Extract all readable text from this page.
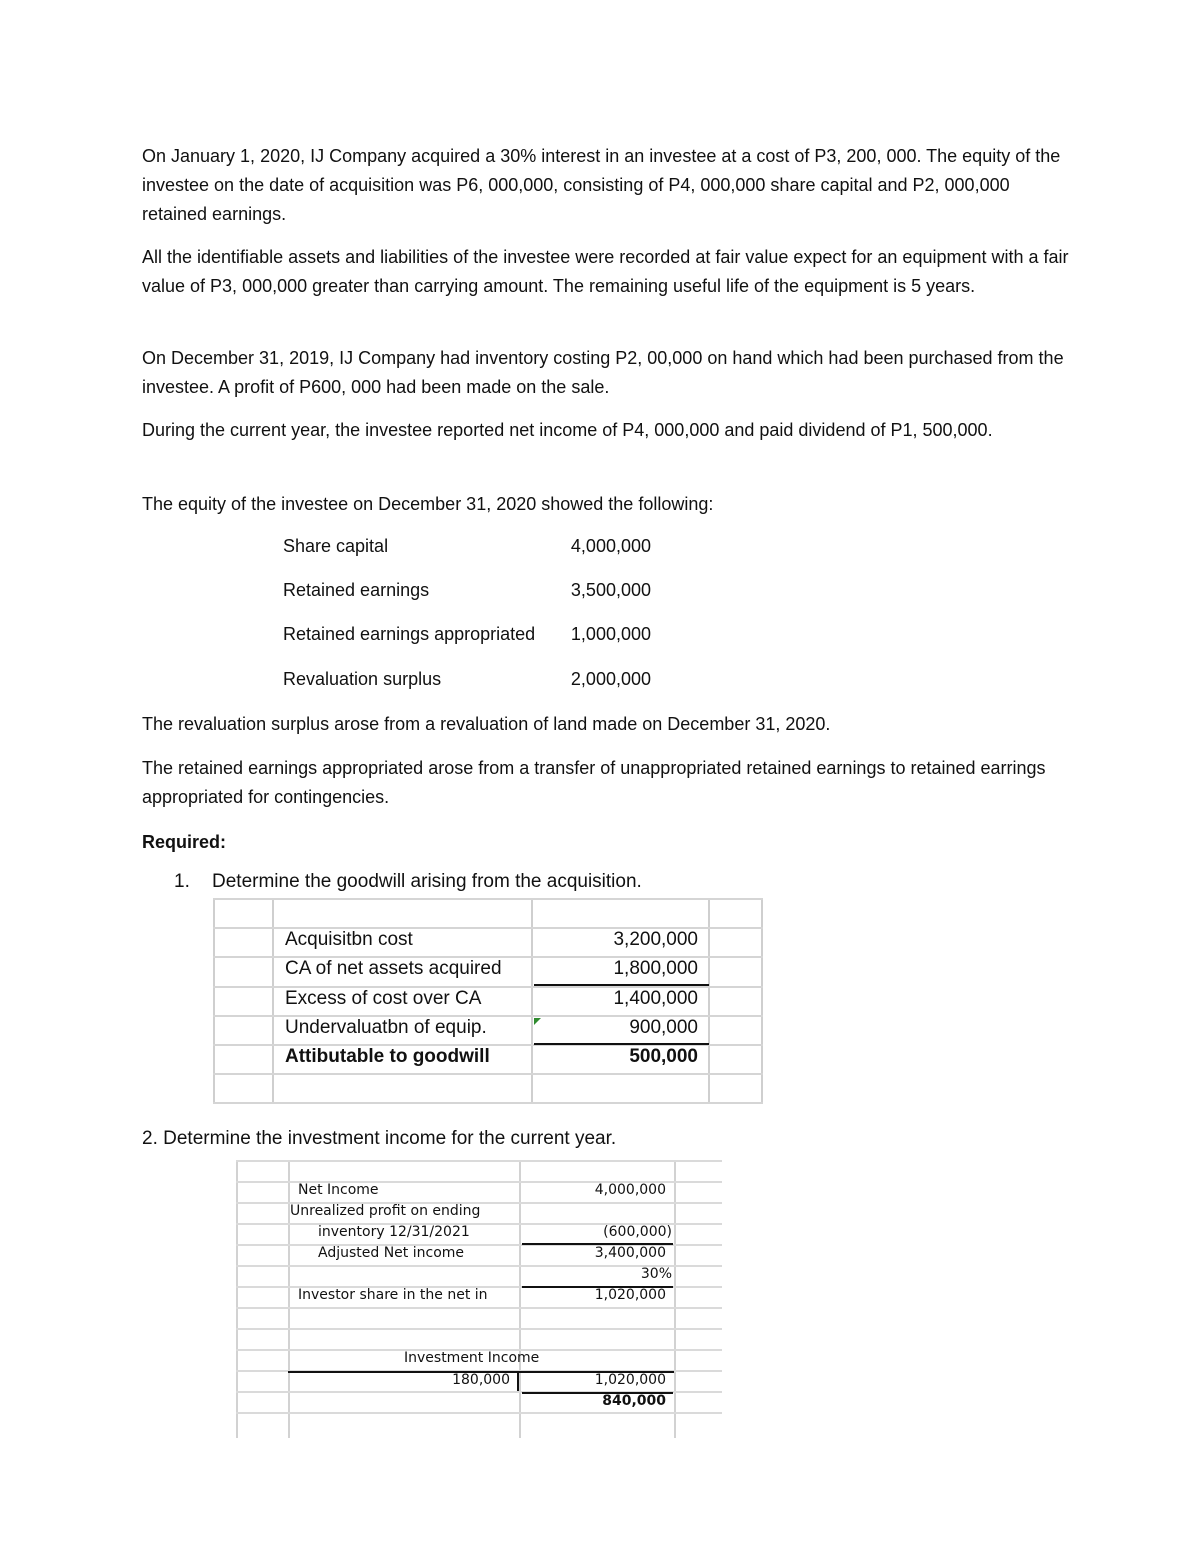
On January 1, 2020, IJ Company acquired a 30% interest in an investee at a cost of P3, 200, 000. The equity of the investee on the date of acquisition was P6, 000,000, consisting of P4, 000,000 share capital and P2, 000,000 retained earnings.

All the identifiable assets and liabilities of the investee were recorded at fair value expect for an equipment with a fair value of P3, 000,000 greater than carrying amount. The remaining useful life of the equipment is 5 years.

On December 31, 2019, IJ Company had inventory costing P2, 00,000 on hand which had been purchased from the investee. A profit of P600, 000 had been made on the sale.

During the current year, the investee reported net income of P4, 000,000 and paid dividend of P1, 500,000.

The equity of the investee on December 31, 2020 showed the following:

Share capital	4,000,000
Retained earnings	3,500,000
Retained earnings appropriated 1,000,000
Revaluation surplus	2,000,000

The revaluation surplus arose from a revaluation of land made on December 31, 2020.

The retained earnings appropriated arose from a transfer of unappropriated retained earnings to retained earrings appropriated for contingencies.

Required:

1. Determine the goodwill arising from the acquisition.
Acquisitbn cost	3,200,000
CA of net assets acquired	1,800,000
Excess of cost over CA	1,400,000
Undervaluatbn of equip.	900,000
Attibutable to goodwill	500,000

2. Determine the investment income for the current year.

Net Income	4,000,000
Unrealized profit on ending
inventory 12/31/2021	(600,000)
Adjusted Net income	3,400,000
30%
Investor share in the net in	1,020,000
Investment Income
180,000	1,020,000
840,000
